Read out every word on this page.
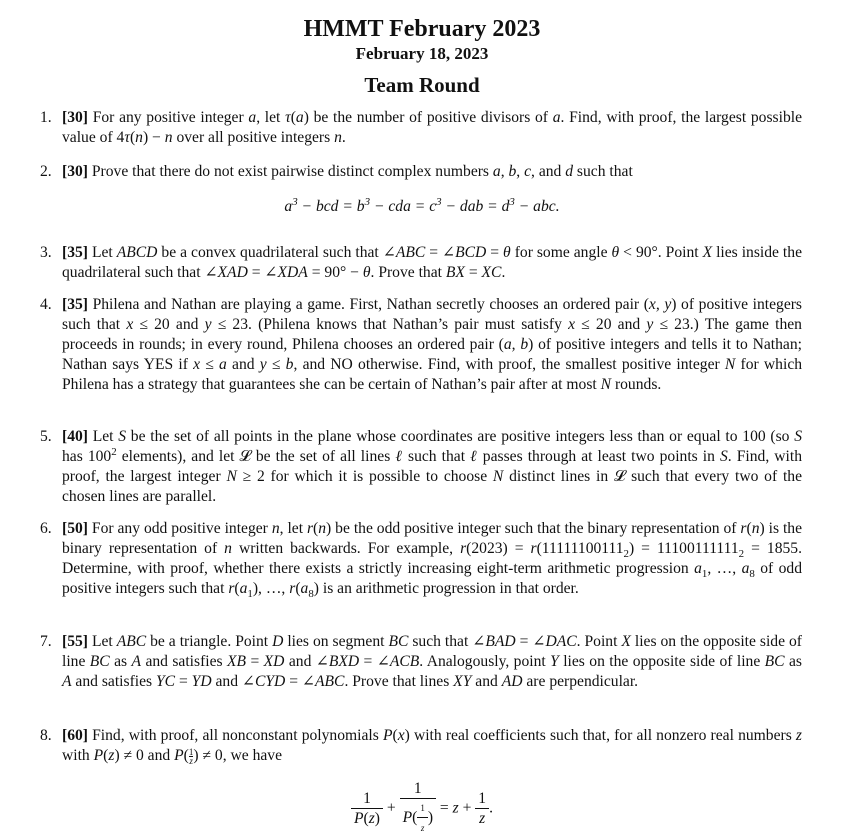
HMMT February 2023
February 18, 2023
Team Round
1. [30] For any positive integer a, let τ(a) be the number of positive divisors of a. Find, with proof, the largest possible value of 4τ(n) − n over all positive integers n.
2. [30] Prove that there do not exist pairwise distinct complex numbers a, b, c, and d such that
$a^3$ − bcd = $b^3$ − cda = $c^3$ − dab = $d^3$ − abc.
3. [35] Let ABCD be a convex quadrilateral such that ∠ABC = ∠BCD = θ for some angle θ < 90°. Point X lies inside the quadrilateral such that ∠XAD = ∠XDA = 90° − θ. Prove that BX = XC.
4. [35] Philena and Nathan are playing a game. First, Nathan secretly chooses an ordered pair (x, y) of positive integers such that x ≤ 20 and y ≤ 23. (Philena knows that Nathan’s pair must satisfy x ≤ 20 and y ≤ 23.) The game then proceeds in rounds; in every round, Philena chooses an ordered pair (a, b) of positive integers and tells it to Nathan; Nathan says YES if x ≤ a and y ≤ b, and NO otherwise. Find, with proof, the smallest positive integer N for which Philena has a strategy that guarantees she can be certain of Nathan’s pair after at most N rounds.
5. [40] Let S be the set of all points in the plane whose coordinates are positive integers less than or equal to 100 (so S has $100^2$ elements), and let 𝓛 be the set of all lines ℓ such that ℓ passes through at least two points in S. Find, with proof, the largest integer N ≥ 2 for which it is possible to choose N distinct lines in 𝓛 such that every two of the chosen lines are parallel.
6. [50] For any odd positive integer n, let r(n) be the odd positive integer such that the binary representation of r(n) is the binary representation of n written backwards. For example, $r(2023) = r(11111100111_2) = 11100111111_2 = 1855$. Determine, with proof, whether there exists a strictly increasing eight-term arithmetic progression $a_1$, …, $a_8$ of odd positive integers such that $r(a_1)$, …, $r(a_8)$ is an arithmetic progression in that order.
7. [55] Let ABC be a triangle. Point D lies on segment BC such that ∠BAD = ∠DAC. Point X lies on the opposite side of line BC as A and satisfies XB = XD and ∠BXD = ∠ACB. Analogously, point Y lies on the opposite side of line BC as A and satisfies YC = YD and ∠CYD = ∠ABC. Prove that lines XY and AD are perpendicular.
8. [60] Find, with proof, all nonconstant polynomials P(x) with real coefficients such that, for all nonzero real numbers z with P(z) ≠ 0 and $P( \frac{1}{z}$ ) ≠ 0, we have
$\frac{1}{P(z)} + \frac{1}{P( \frac{1}{z} )} = z + \frac{1}{z}$ .
